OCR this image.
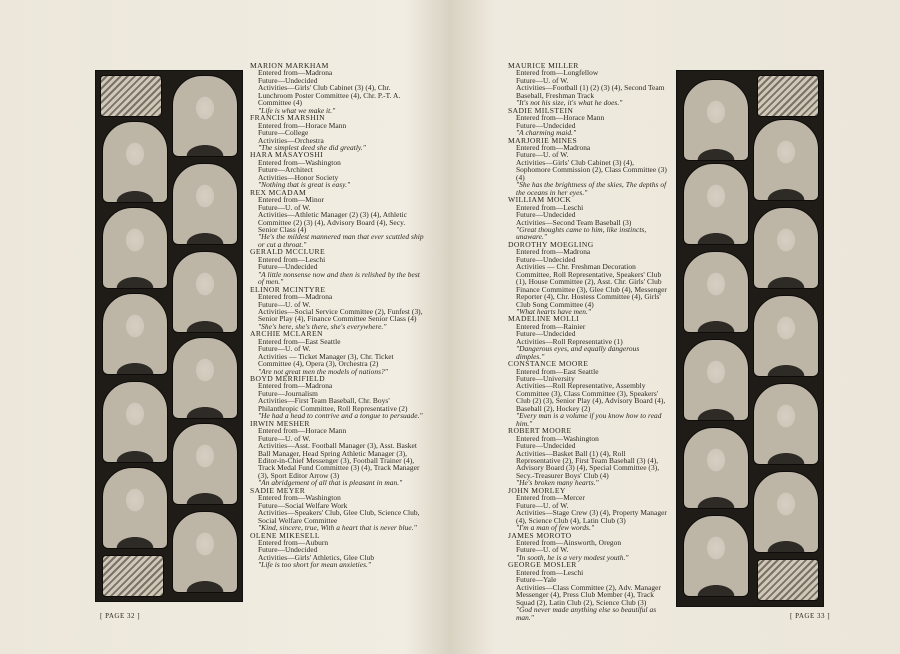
MARION MARKHAM
Entered from—Madrona
Future—Undecided
Activities—Girls' Club Cabinet (3) (4), Chr. Lunchroom Poster Committee (4), Chr. P.-T. A. Committee (4)
"Life is what we make it."
FRANCIS MARSHIN
Entered from—Horace Mann
Future—College
Activities—Orchestra
"The simplest deed she did greatly."
HARA MASAYOSHI
Entered from—Washington
Future—Architect
Activities—Honor Society
"Nothing that is great is easy."
REX MCADAM
Entered from—Minor
Future—U. of W.
Activities—Athletic Manager (2) (3) (4), Athletic Committee (2) (3) (4), Advisory Board (4), Secy. Senior Class (4)
"He's the mildest mannered man that ever scuttled ship or cut a throat."
GERALD MCCLURE
Entered from—Leschi
Future—Undecided
"A little nonsense now and then is relished by the best of men."
ELINOR MCINTYRE
Entered from—Madrona
Future—U. of W.
Activities—Social Service Committee (2), Funfest (3), Senior Play (4), Finance Committee Senior Class (4)
"She's here, she's there, she's everywhere."
ARCHIE MCLAREN
Entered from—East Seattle
Future—U. of W.
Activities — Ticket Manager (3), Chr. Ticket Committee (4), Opera (3), Orchestra (2)
"Are not great men the models of nations?"
BOYD MERRIFIELD
Entered from—Madrona
Future—Journalism
Activities—First Team Baseball, Chr. Boys' Philanthropic Committee, Roll Representative (2)
"He had a head to contrive and a tongue to persuade."
IRWIN MESHER
Entered from—Horace Mann
Future—U. of W.
Activities—Asst. Football Manager (3), Asst. Basket Ball Manager, Head Spring Athletic Manager (3), Editor-in-Chief Messenger (3), Football Trainer (4), Track Medal Fund Committee (3) (4), Track Manager (3), Sport Editor Arrow (3)
"An abridgement of all that is pleasant in man."
SADIE MEYER
Entered from—Washington
Future—Social Welfare Work
Activities—Speakers' Club, Glee Club, Science Club, Social Welfare Committee
"Kind, sincere, true, With a heart that is never blue."
OLENE MIKESELL
Entered from—Auburn
Future—Undecided
Activities—Girls' Athletics, Glee Club
"Life is too short for mean anxieties."
[ PAGE 32 ]
MAURICE MILLER
Entered from—Longfellow
Future—U. of W.
Activities—Football (1) (2) (3) (4), Second Team Baseball, Freshman Track
"It's not his size, it's what he does."
SADIE MILSTEIN
Entered from—Horace Mann
Future—Undecided
"A charming maid."
MARJORIE MINES
Entered from—Madrona
Future—U. of W.
Activities—Girls' Club Cabinet (3) (4), Sophomore Commission (2), Class Committee (3) (4)
"She has the brightness of the skies, The depths of the oceans in her eyes."
WILLIAM MOCK
Entered from—Leschi
Future—Undecided
Activities—Second Team Baseball (3)
"Great thoughts came to him, like instincts, unaware."
DOROTHY MOEGLING
Entered from—Madrona
Future—Undecided
Activities — Chr. Freshman Decoration Committee, Roll Representative, Speakers' Club (1), House Committee (2), Asst. Chr. Girls' Club Finance Committee (3), Glee Club (4), Messenger Reporter (4), Chr. Hostess Committee (4), Girls' Club Song Committee (4)
"What hearts have men."
MADELINE MOLLI
Entered from—Rainier
Future—Undecided
Activities—Roll Representative (1)
"Dangerous eyes, and equally dangerous dimples."
CONSTANCE MOORE
Entered from—East Seattle
Future—University
Activities—Roll Representative, Assembly Committee (3), Class Committee (3), Speakers' Club (2) (3), Senior Play (4), Advisory Board (4), Baseball (2), Hockey (2)
"Every man is a volume if you know how to read him."
ROBERT MOORE
Entered from—Washington
Future—Undecided
Activities—Basket Ball (1) (4), Roll Representative (2), First Team Baseball (3) (4), Advisory Board (3) (4), Special Committee (3), Secy.-Treasurer Boys' Club (4)
"He's broken many hearts."
JOHN MORLEY
Entered from—Mercer
Future—U. of W.
Activities—Stage Crew (3) (4), Property Manager (4), Science Club (4), Latin Club (3)
"I'm a man of few words."
JAMES MOROTO
Entered from—Ainsworth, Oregon
Future—U. of W.
"In sooth, he is a very modest youth."
GEORGE MOSLER
Entered from—Leschi
Future—Yale
Activities—Class Committee (2), Adv. Manager Messenger (4), Press Club Member (4), Track Squad (2), Latin Club (2), Science Club (3)
"God never made anything else so beautiful as man."	[ PAGE 33 ]
